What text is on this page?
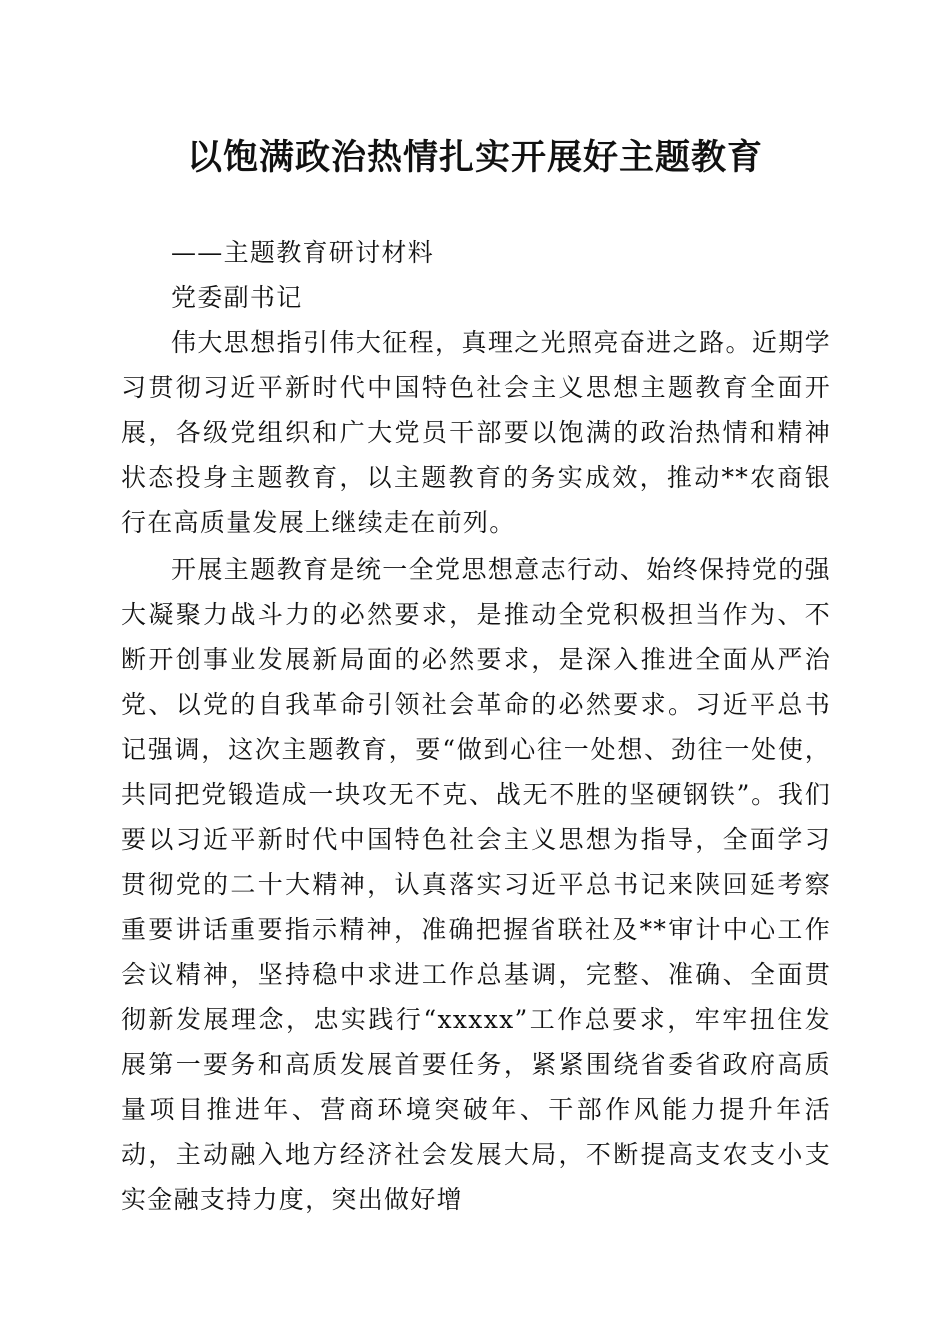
以饱满政治热情扎实开展好主题教育

——主题教育研讨材料

党委副书记

伟大思想指引伟大征程，真理之光照亮奋进之路。近期学习贯彻习近平新时代中国特色社会主义思想主题教育全面开展，各级党组织和广大党员干部要以饱满的政治热情和精神状态投身主题教育，以主题教育的务实成效，推动**农商银行在高质量发展上继续走在前列。

开展主题教育是统一全党思想意志行动、始终保持党的强大凝聚力战斗力的必然要求，是推动全党积极担当作为、不断开创事业发展新局面的必然要求，是深入推进全面从严治党、以党的自我革命引领社会革命的必然要求。习近平总书记强调，这次主题教育，要“做到心往一处想、劲往一处使，共同把党锻造成一块攻无不克、战无不胜的坚硬钢铁”。我们要以习近平新时代中国特色社会主义思想为指导，全面学习贯彻党的二十大精神，认真落实习近平总书记来陕回延考察重要讲话重要指示精神，准确把握省联社及**审计中心工作会议精神，坚持稳中求进工作总基调，完整、准确、全面贯彻新发展理念，忠实践行“xxxxx”工作总要求，牢牢扭住发展第一要务和高质发展首要任务，紧紧围绕省委省政府高质量项目推进年、营商环境突破年、干部作风能力提升年活动，主动融入地方经济社会发展大局，不断提高支农支小支实金融支持力度，突出做好增
